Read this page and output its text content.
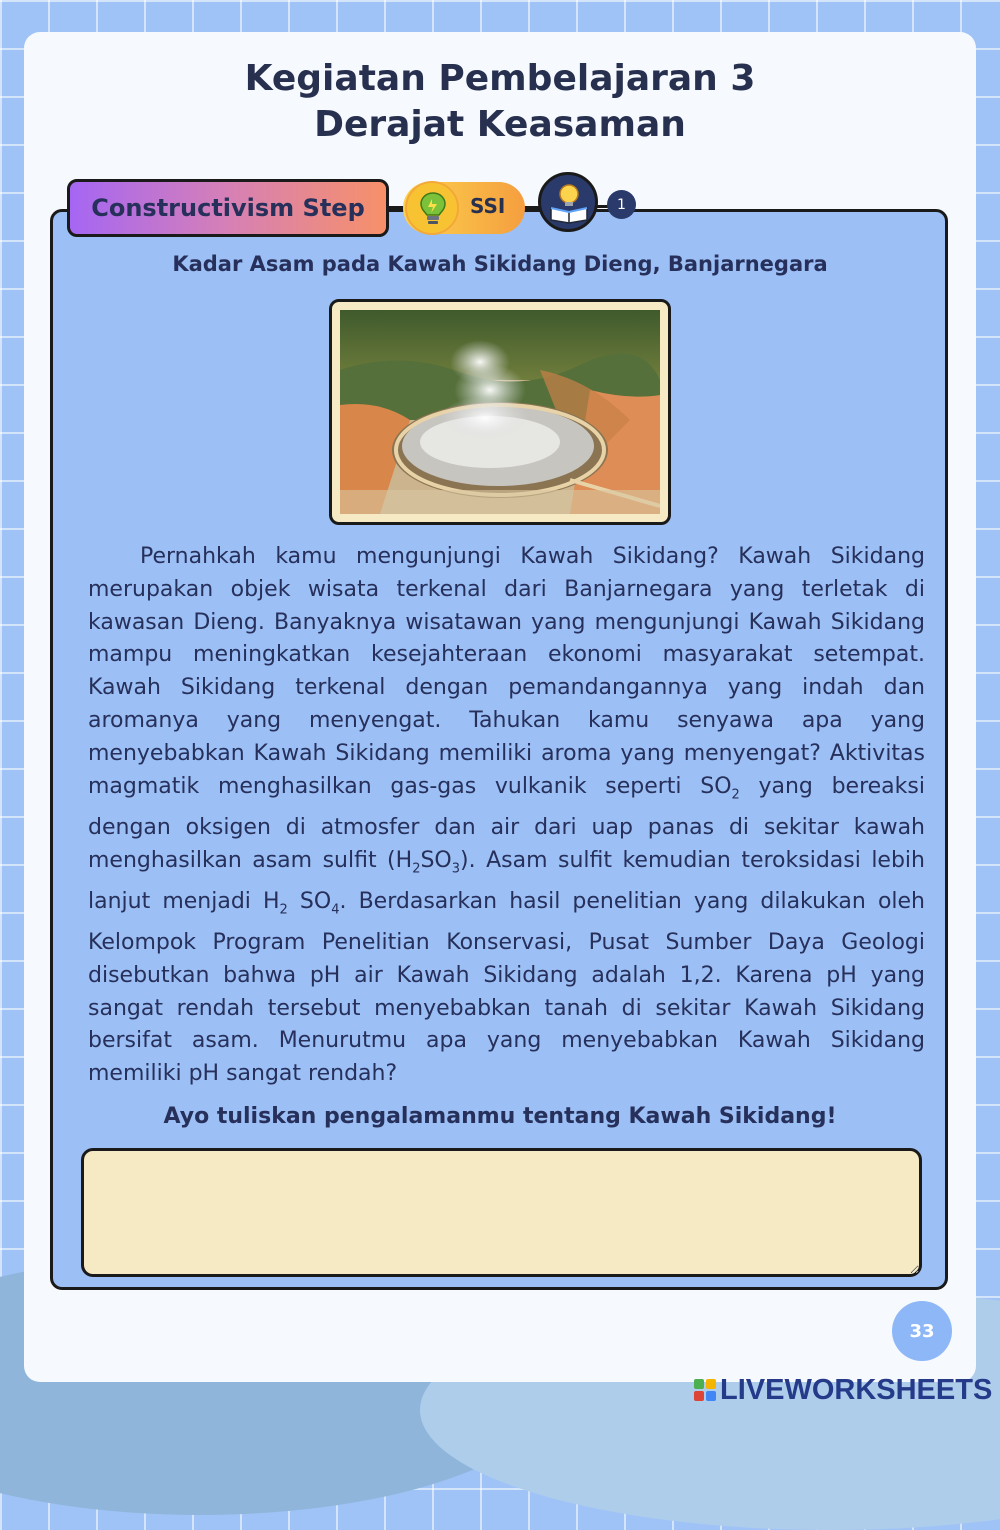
Kegiatan Pembelajaran 3
Derajat Keasaman
Constructivism Step	SSI	1
Kadar Asam pada Kawah Sikidang Dieng, Banjarnegara

Pernahkah kamu mengunjungi Kawah Sikidang? Kawah Sikidang merupakan objek wisata terkenal dari Banjarnegara yang terletak di kawasan Dieng. Banyaknya wisatawan yang mengunjungi Kawah Sikidang mampu meningkatkan kesejahteraan ekonomi masyarakat setempat. Kawah Sikidang terkenal dengan pemandangannya yang indah dan aromanya yang menyengat. Tahukan kamu senyawa apa yang menyebabkan Kawah Sikidang memiliki aroma yang menyengat? Aktivitas magmatik menghasilkan gas-gas vulkanik seperti $SO_2$ yang bereaksi dengan oksigen di atmosfer dan air dari uap panas di sekitar kawah menghasilkan asam sulfit $(H_2SO_3)$. Asam sulfit kemudian teroksidasi lebih lanjut menjadi $H_2$ $SO_4$. Berdasarkan hasil penelitian yang dilakukan oleh Kelompok Program Penelitian Konservasi, Pusat Sumber Daya Geologi disebutkan bahwa pH air Kawah Sikidang adalah 1,2. Karena pH yang sangat rendah tersebut menyebabkan tanah di sekitar Kawah Sikidang bersifat asam. Menurutmu apa yang menyebabkan Kawah Sikidang memiliki pH sangat rendah?

Ayo tuliskan pengalamanmu tentang Kawah Sikidang!
33
LIVEWORKSHEETS
